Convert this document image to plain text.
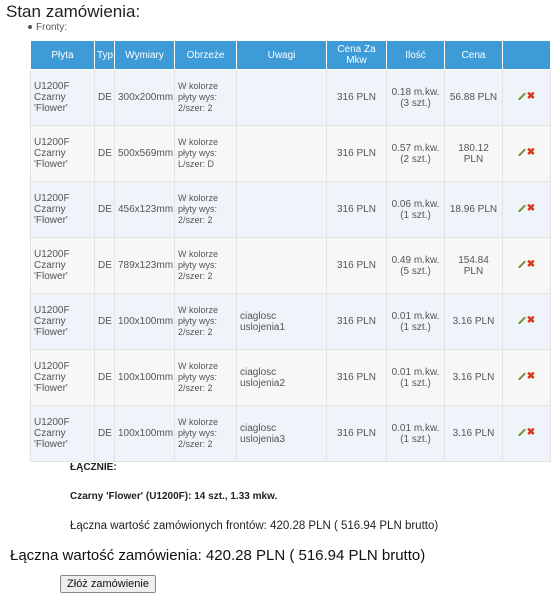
Stan zamówienia:
Fronty:
Płyta	Typ	Wymiary	Obrzeże	Uwagi	Cena Za Mkw	Ilość	Cena	
U1200F Czarny 'Flower'	DE	300x200mm	W kolorze płyty wys: 2/szer: 2		316 PLN	0.18 m.kw. (3 szt.)	56.88 PLN	✖

U1200F Czarny 'Flower'	DE	500x569mm	W kolorze płyty wys: L/szer: D		316 PLN	0.57 m.kw. (2 szt.)	180.12 PLN	✖

U1200F Czarny 'Flower'	DE	456x123mm	W kolorze płyty wys: 2/szer: 2		316 PLN	0.06 m.kw. (1 szt.)	18.96 PLN	✖

U1200F Czarny 'Flower'	DE	789x123mm	W kolorze płyty wys: 2/szer: 2		316 PLN	0.49 m.kw. (5 szt.)	154.84 PLN	✖

U1200F Czarny 'Flower'	DE	100x100mm	W kolorze płyty wys: 2/szer: 2	ciaglosc uslojenia1	316 PLN	0.01 m.kw. (1 szt.)	3.16 PLN	✖

U1200F Czarny 'Flower'	DE	100x100mm	W kolorze płyty wys: 2/szer: 2	ciaglosc uslojenia2	316 PLN	0.01 m.kw. (1 szt.)	3.16 PLN	✖

U1200F Czarny 'Flower'	DE	100x100mm	W kolorze płyty wys: 2/szer: 2	ciaglosc uslojenia3	316 PLN	0.01 m.kw. (1 szt.)	3.16 PLN	✖
ŁĄCZNIE:
Czarny 'Flower' (U1200F): 14 szt., 1.33 mkw.
Łączna wartość zamówionych frontów: 420.28 PLN ( 516.94 PLN brutto)
Łączna wartość zamówienia: 420.28 PLN ( 516.94 PLN brutto)
Złóż zamówienie
